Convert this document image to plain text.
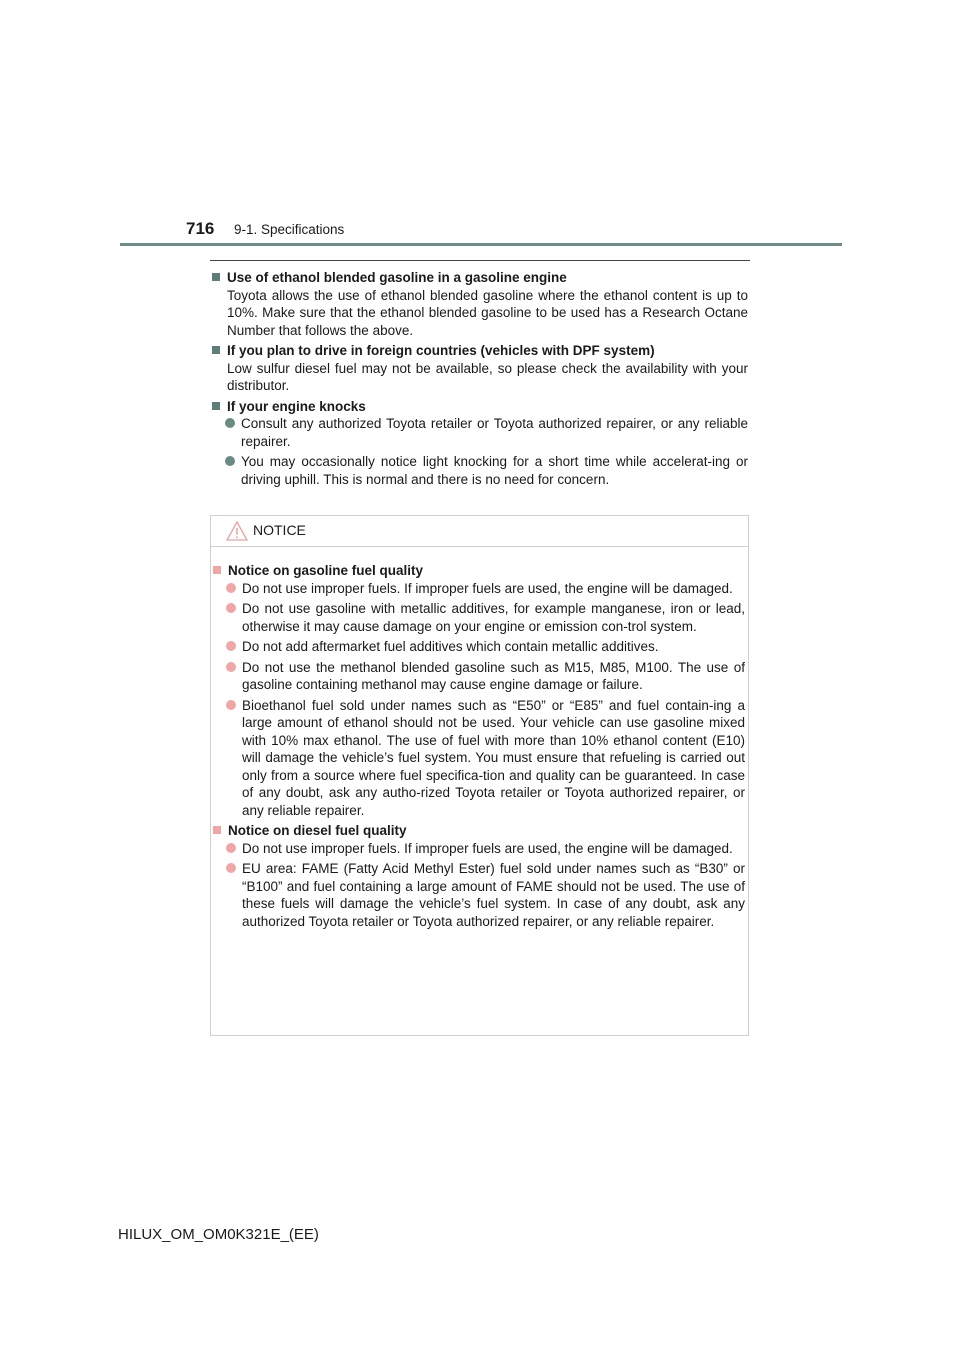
716 9-1. Specifications
Use of ethanol blended gasoline in a gasoline engine
Toyota allows the use of ethanol blended gasoline where the ethanol content is up to 10%. Make sure that the ethanol blended gasoline to be used has a Research Octane Number that follows the above.
If you plan to drive in foreign countries (vehicles with DPF system)
Low sulfur diesel fuel may not be available, so please check the availability with your distributor.
If your engine knocks
Consult any authorized Toyota retailer or Toyota authorized repairer, or any reliable repairer.
You may occasionally notice light knocking for a short time while accelerat-ing or driving uphill. This is normal and there is no need for concern.
NOTICE
Notice on gasoline fuel quality
Do not use improper fuels. If improper fuels are used, the engine will be damaged.
Do not use gasoline with metallic additives, for example manganese, iron or lead, otherwise it may cause damage on your engine or emission con-trol system.
Do not add aftermarket fuel additives which contain metallic additives.
Do not use the methanol blended gasoline such as M15, M85, M100. The use of gasoline containing methanol may cause engine damage or failure.
Bioethanol fuel sold under names such as “E50” or “E85” and fuel contain-ing a large amount of ethanol should not be used. Your vehicle can use gasoline mixed with 10% max ethanol. The use of fuel with more than 10% ethanol content (E10) will damage the vehicle’s fuel system. You must ensure that refueling is carried out only from a source where fuel specifica-tion and quality can be guaranteed. In case of any doubt, ask any autho-rized Toyota retailer or Toyota authorized repairer, or any reliable repairer.
Notice on diesel fuel quality
Do not use improper fuels. If improper fuels are used, the engine will be damaged.
EU area: FAME (Fatty Acid Methyl Ester) fuel sold under names such as “B30” or “B100” and fuel containing a large amount of FAME should not be used. The use of these fuels will damage the vehicle’s fuel system. In case of any doubt, ask any authorized Toyota retailer or Toyota authorized repairer, or any reliable repairer.
HILUX_OM_OM0K321E_(EE)
